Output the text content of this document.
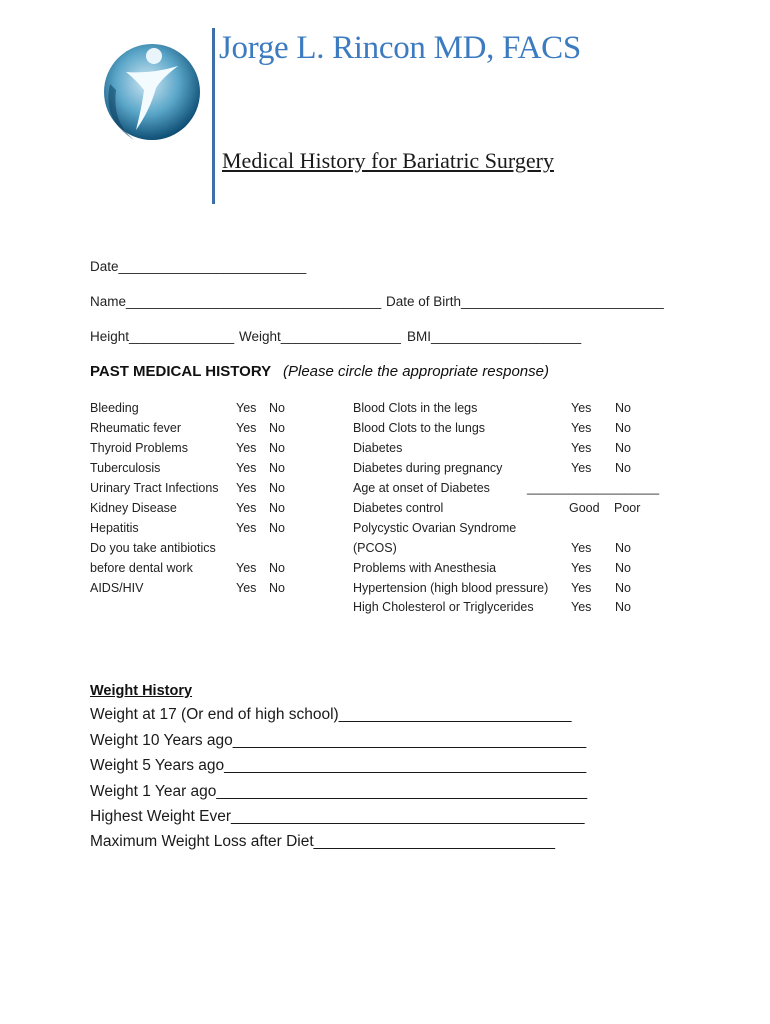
Jorge L. Rincon MD, FACS
Medical History for Bariatric Surgery
Date_________________________
Name__________________________________ Date of Birth___________________________
Height______________ Weight________________ BMI____________________
PAST MEDICAL HISTORY (Please circle the appropriate response)
Bleeding	Yes No
Rheumatic fever	Yes No
Thyroid Problems	Yes No
Tuberculosis	Yes No
Urinary Tract Infections Yes No
Kidney Disease	Yes No
Hepatitis	Yes No
Do you take antibiotics
before dental work	Yes No
AIDS/HIV	Yes No
Blood Clots in the legs	Yes No
Blood Clots to the lungs	Yes No
Diabetes	Yes No
Diabetes during pregnancy	Yes No
Age at onset of Diabetes	___________________
Diabetes control	Good Poor
Polycystic Ovarian Syndrome
(PCOS)	Yes No
Problems with Anesthesia	Yes No
Hypertension (high blood pressure) Yes No
High Cholesterol or Triglycerides	Yes No
Weight History
Weight at 17 (Or end of high school)___________________________
Weight 10 Years ago_________________________________________
Weight 5 Years ago__________________________________________
Weight 1 Year ago___________________________________________
Highest Weight Ever_________________________________________
Maximum Weight Loss after Diet____________________________
